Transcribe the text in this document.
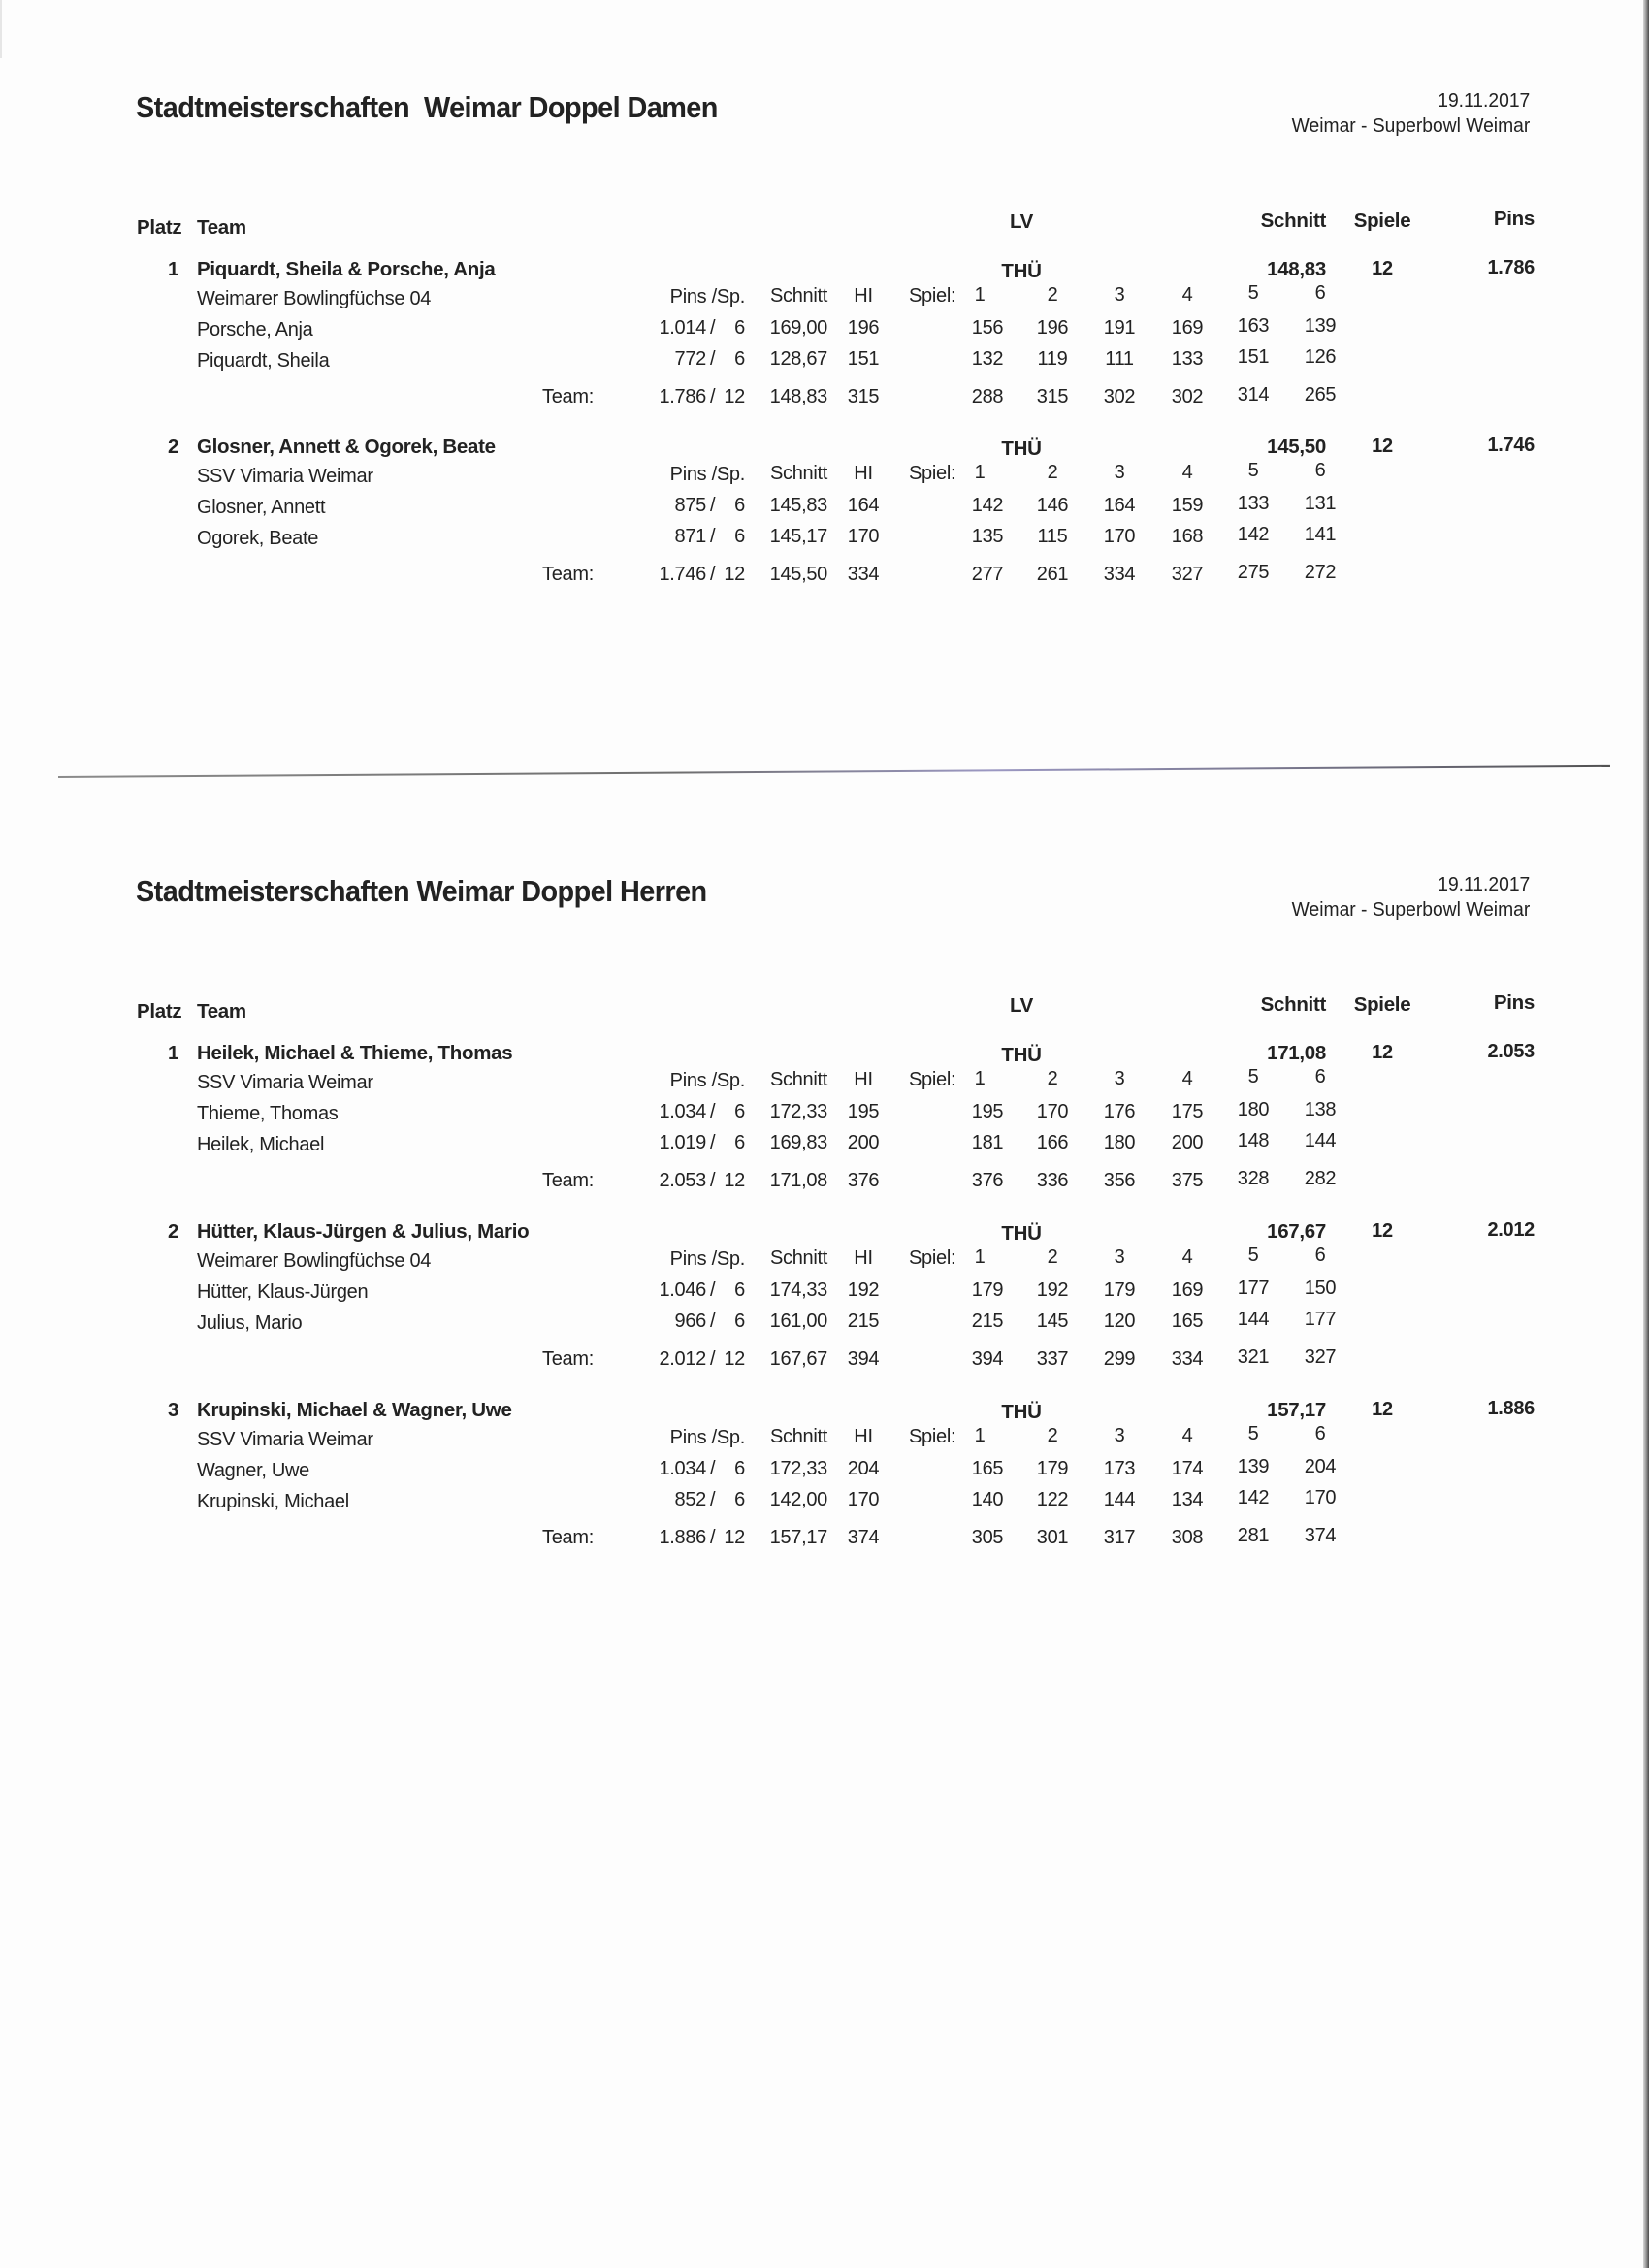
Stadtmeisterschaften  Weimar Doppel Damen	19.11.2017
Weimar - Superbowl Weimar
Platz Team	LV	Schnitt	Spiele	Pins
1 Piquardt, Sheila & Porsche, Anja	THÜ	148,83	12	1.786
Weimarer Bowlingfüchse 04	Pins /Sp.	Schnitt	HI	Spiel: 1	2	3	4	5	6
Porsche, Anja	1.014 / 6	169,00	196	156	196	191	169	163	139
Piquardt, Sheila	772 / 6	128,67	151	132	119	111	133	151	126
Team:	1.786 / 12	148,83	315	288	315	302	302	314	265
2 Glosner, Annett & Ogorek, Beate	THÜ	145,50	12	1.746
SSV Vimaria Weimar	Pins /Sp.	Schnitt	HI	Spiel: 1	2	3	4	5	6
Glosner, Annett	875 / 6	145,83	164	142	146	164	159	133	131
Ogorek, Beate	871 / 6	145,17	170	135	115	170	168	142	141
Team:	1.746 / 12	145,50	334	277	261	334	327	275	272
Stadtmeisterschaften Weimar Doppel Herren	19.11.2017
Weimar - Superbowl Weimar
Platz Team	LV	Schnitt	Spiele	Pins
1 Heilek, Michael & Thieme, Thomas	THÜ	171,08	12	2.053
SSV Vimaria Weimar	Pins /Sp.	Schnitt	HI	Spiel: 1	2	3	4	5	6
Thieme, Thomas	1.034 / 6	172,33	195	195	170	176	175	180	138
Heilek, Michael	1.019 / 6	169,83	200	181	166	180	200	148	144
Team:	2.053 / 12	171,08	376	376	336	356	375	328	282
2 Hütter, Klaus-Jürgen & Julius, Mario	THÜ	167,67	12	2.012
Weimarer Bowlingfüchse 04	Pins /Sp.	Schnitt	HI	Spiel: 1	2	3	4	5	6
Hütter, Klaus-Jürgen	1.046 / 6	174,33	192	179	192	179	169	177	150
Julius, Mario	966 / 6	161,00	215	215	145	120	165	144	177
Team:	2.012 / 12	167,67	394	394	337	299	334	321	327
3 Krupinski, Michael & Wagner, Uwe	THÜ	157,17	12	1.886
SSV Vimaria Weimar	Pins /Sp.	Schnitt	HI	Spiel: 1	2	3	4	5	6
Wagner, Uwe	1.034 / 6	172,33	204	165	179	173	174	139	204
Krupinski, Michael	852 / 6	142,00	170	140	122	144	134	142	170
Team:	1.886 / 12	157,17	374	305	301	317	308	281	374
